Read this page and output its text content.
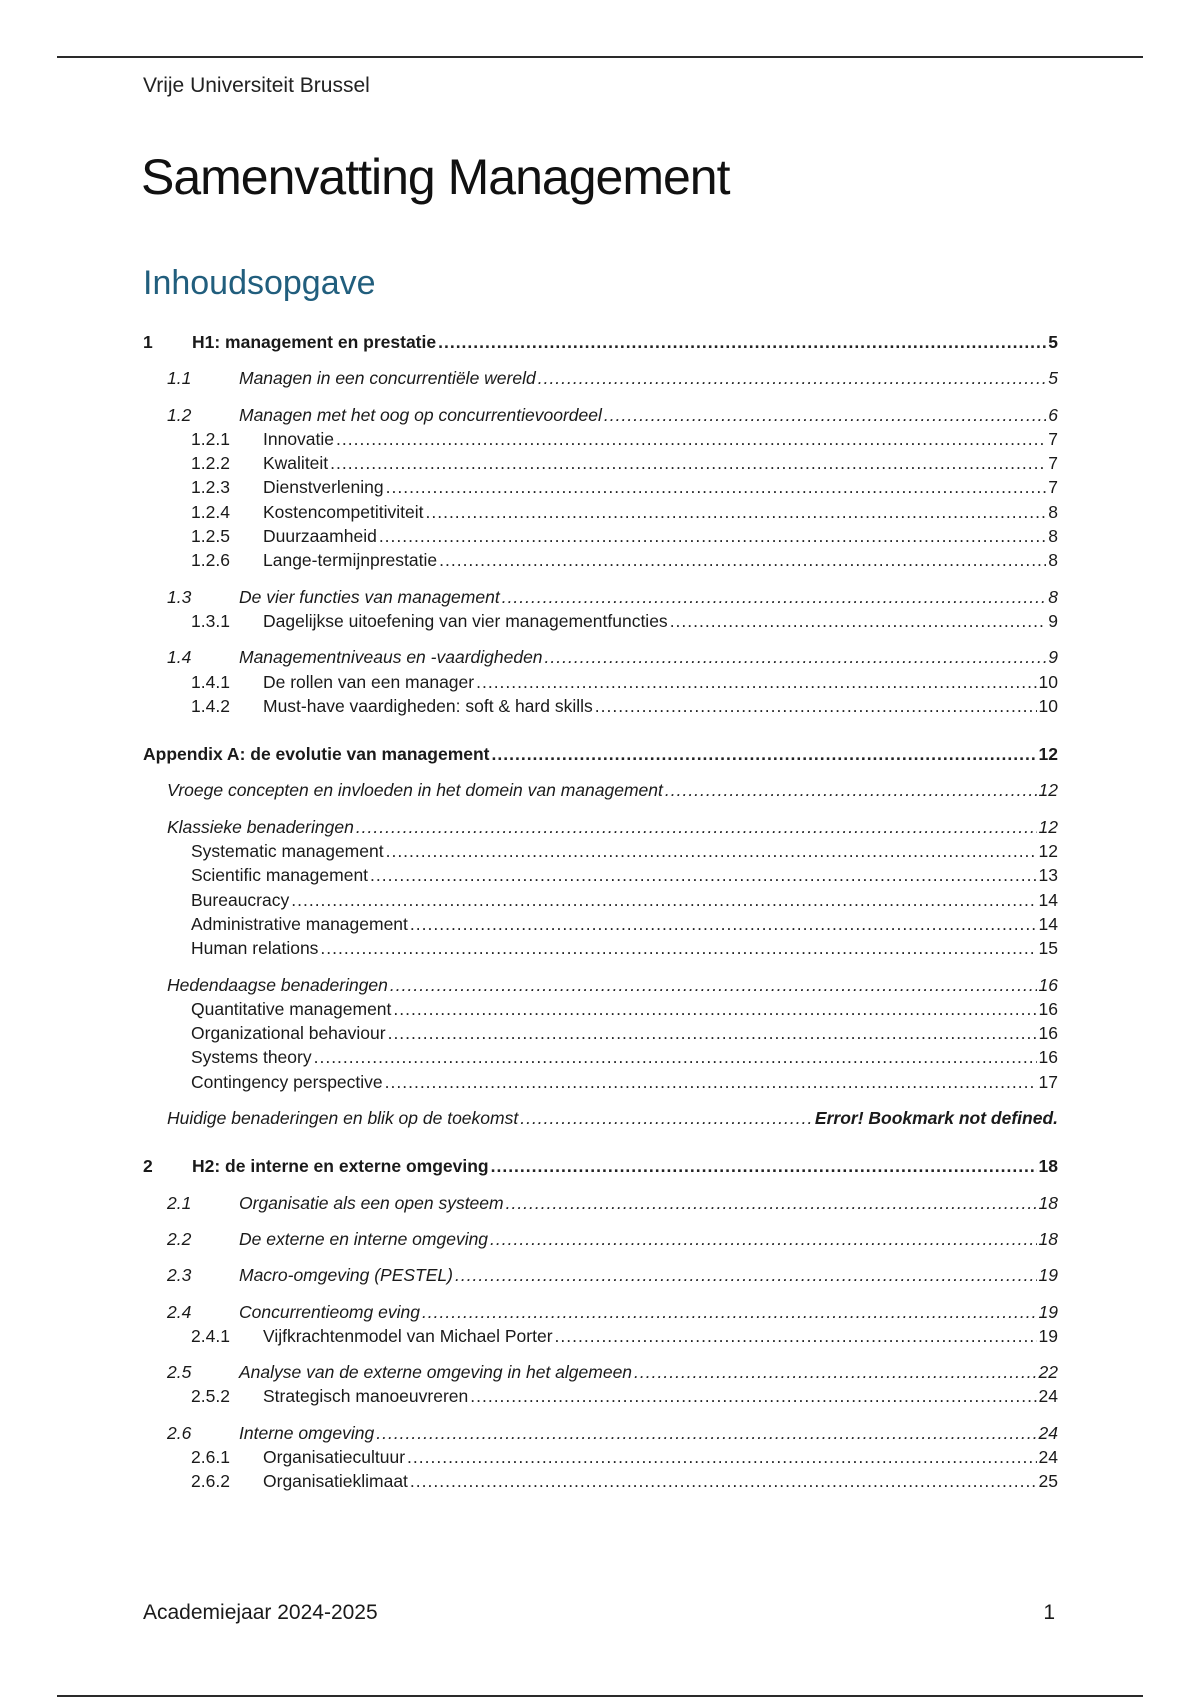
Vrije Universiteit Brussel
Samenvatting Management
Inhoudsopgave
1	H1: management en prestatie .....	5
1.1	Managen in een concurrentiële wereld .....	5
1.2	Managen met het oog op concurrentievoordeel .....	6
1.2.1	Innovatie .....	7
1.2.2	Kwaliteit .....	7
1.2.3	Dienstverlening .....	7
1.2.4	Kostencompetitiviteit .....	8
1.2.5	Duurzaamheid .....	8
1.2.6	Lange-termijnprestatie .....	8
1.3	De vier functies van management .....	8
1.3.1	Dagelijkse uitoefening van vier managementfuncties .....	9
1.4	Managementniveaus en -vaardigheden .....	9
1.4.1	De rollen van een manager .....	10
1.4.2	Must-have vaardigheden: soft & hard skills .....	10
Appendix A: de evolutie van management .....	12
Vroege concepten en invloeden in het domein van management .....	12
Klassieke benaderingen .....	12
Systematic management .....	12
Scientific management .....	13
Bureaucracy .....	14
Administrative management .....	14
Human relations .....	15
Hedendaagse benaderingen .....	16
Quantitative management .....	16
Organizational behaviour .....	16
Systems theory .....	16
Contingency perspective .....	17
Huidige benaderingen en blik op de toekomst .....	Error! Bookmark not defined.
2	H2: de interne en externe omgeving .....	18
2.1	Organisatie als een open systeem .....	18
2.2	De externe en interne omgeving .....	18
2.3	Macro-omgeving (PESTEL) .....	19
2.4	Concurrentieomg eving .....	19
2.4.1	Vijfkrachtenmodel van Michael Porter .....	19
2.5	Analyse van de externe omgeving in het algemeen .....	22
2.5.2	Strategisch manoeuvreren .....	24
2.6	Interne omgeving .....	24
2.6.1	Organisatiecultuur .....	24
2.6.2	Organisatieklimaat .....	25
Academiejaar 2024-2025	1
